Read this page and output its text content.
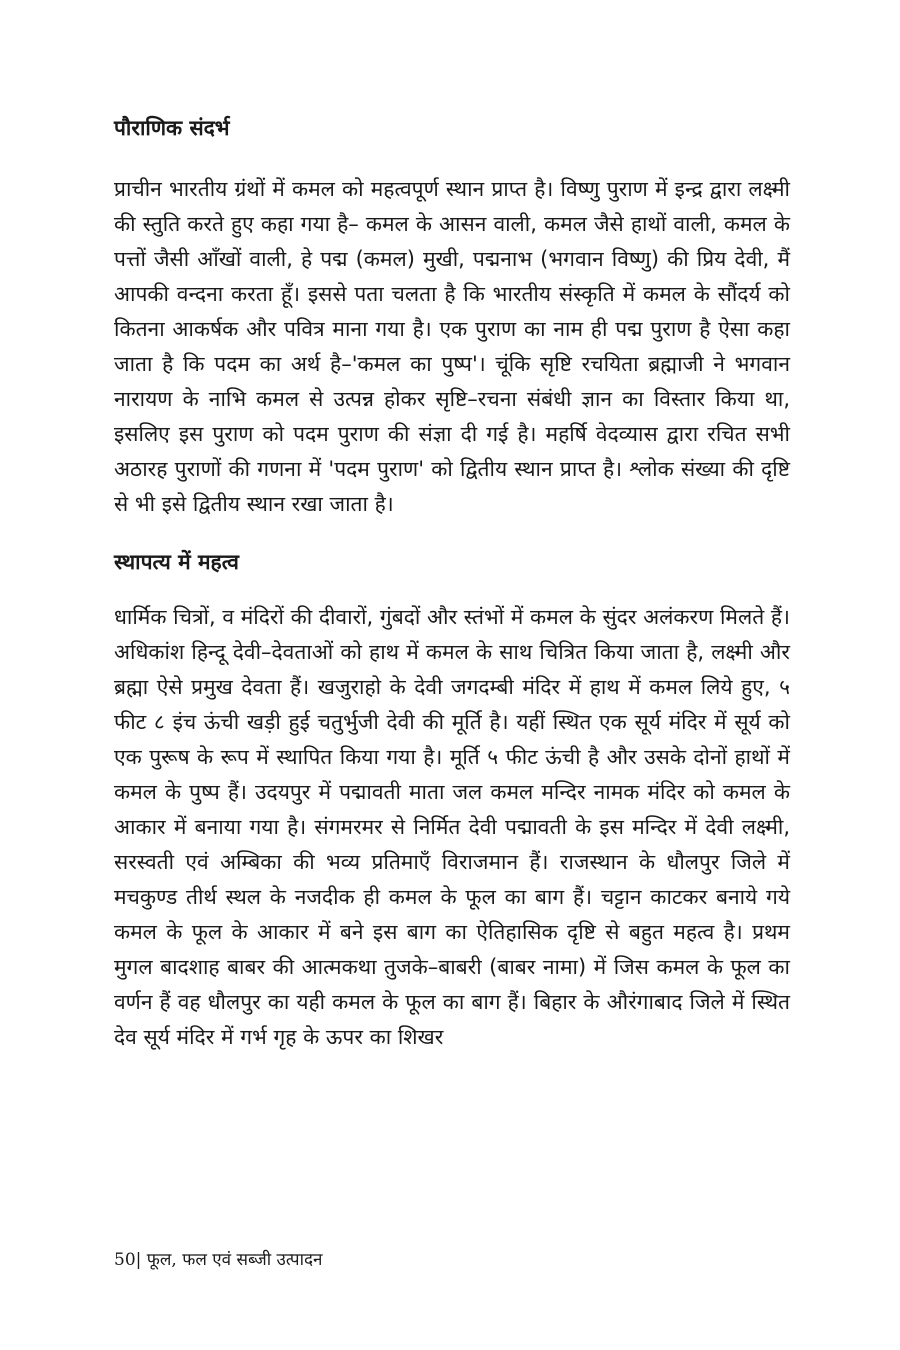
पौराणिक संदर्भ

प्राचीन भारतीय ग्रंथों में कमल को महत्वपूर्ण स्थान प्राप्त है। विष्णु पुराण में इन्द्र द्वारा लक्ष्मी की स्तुति करते हुए कहा गया है– कमल के आसन वाली, कमल जैसे हाथों वाली, कमल के पत्तों जैसी आँखों वाली, हे पद्म (कमल) मुखी, पद्मनाभ (भगवान विष्णु) की प्रिय देवी, मैं आपकी वन्दना करता हूँ। इससे पता चलता है कि भारतीय संस्कृति में कमल के सौंदर्य को कितना आकर्षक और पवित्र माना गया है। एक पुराण का नाम ही पद्म पुराण है ऐसा कहा जाता है कि पदम का अर्थ है–'कमल का पुष्प'। चूंकि सृष्टि रचयिता ब्रह्माजी ने भगवान नारायण के नाभि कमल से उत्पन्न होकर सृष्टि–रचना संबंधी ज्ञान का विस्तार किया था, इसलिए इस पुराण को पदम पुराण की संज्ञा दी गई है। महर्षि वेदव्यास द्वारा रचित सभी अठारह पुराणों की गणना में 'पदम पुराण' को द्वितीय स्थान प्राप्त है। श्लोक संख्या की दृष्टि से भी इसे द्वितीय स्थान रखा जाता है।

स्थापत्य में महत्व

धार्मिक चित्रों, व मंदिरों की दीवारों, गुंबदों और स्तंभों में कमल के सुंदर अलंकरण मिलते हैं। अधिकांश हिन्दू देवी–देवताओं को हाथ में कमल के साथ चित्रित किया जाता है, लक्ष्मी और ब्रह्मा ऐसे प्रमुख देवता हैं। खजुराहो के देवी जगदम्बी मंदिर में हाथ में कमल लिये हुए, ५ फीट ८ इंच ऊंची खड़ी हुई चतुर्भुजी देवी की मूर्ति है। यहीं स्थित एक सूर्य मंदिर में सूर्य को एक पुरूष के रूप में स्थापित किया गया है। मूर्ति ५ फीट ऊंची है और उसके दोनों हाथों में कमल के पुष्प हैं। उदयपुर में पद्मावती माता जल कमल मन्दिर नामक मंदिर को कमल के आकार में बनाया गया है। संगमरमर से निर्मित देवी पद्मावती के इस मन्दिर में देवी लक्ष्मी, सरस्वती एवं अम्बिका की भव्य प्रतिमाएँ विराजमान हैं। राजस्थान के धौलपुर जिले में मचकुण्ड तीर्थ स्थल के नजदीक ही कमल के फूल का बाग हैं। चट्टान काटकर बनाये गये कमल के फूल के आकार में बने इस बाग का ऐतिहासिक दृष्टि से बहुत महत्व है। प्रथम मुगल बादशाह बाबर की आत्मकथा तुजके–बाबरी (बाबर नामा) में जिस कमल के फूल का वर्णन हैं वह धौलपुर का यही कमल के फूल का बाग हैं। बिहार के औरंगाबाद जिले में स्थित देव सूर्य मंदिर में गर्भ गृह के ऊपर का शिखर

50| फूल, फल एवं सब्जी उत्पादन
